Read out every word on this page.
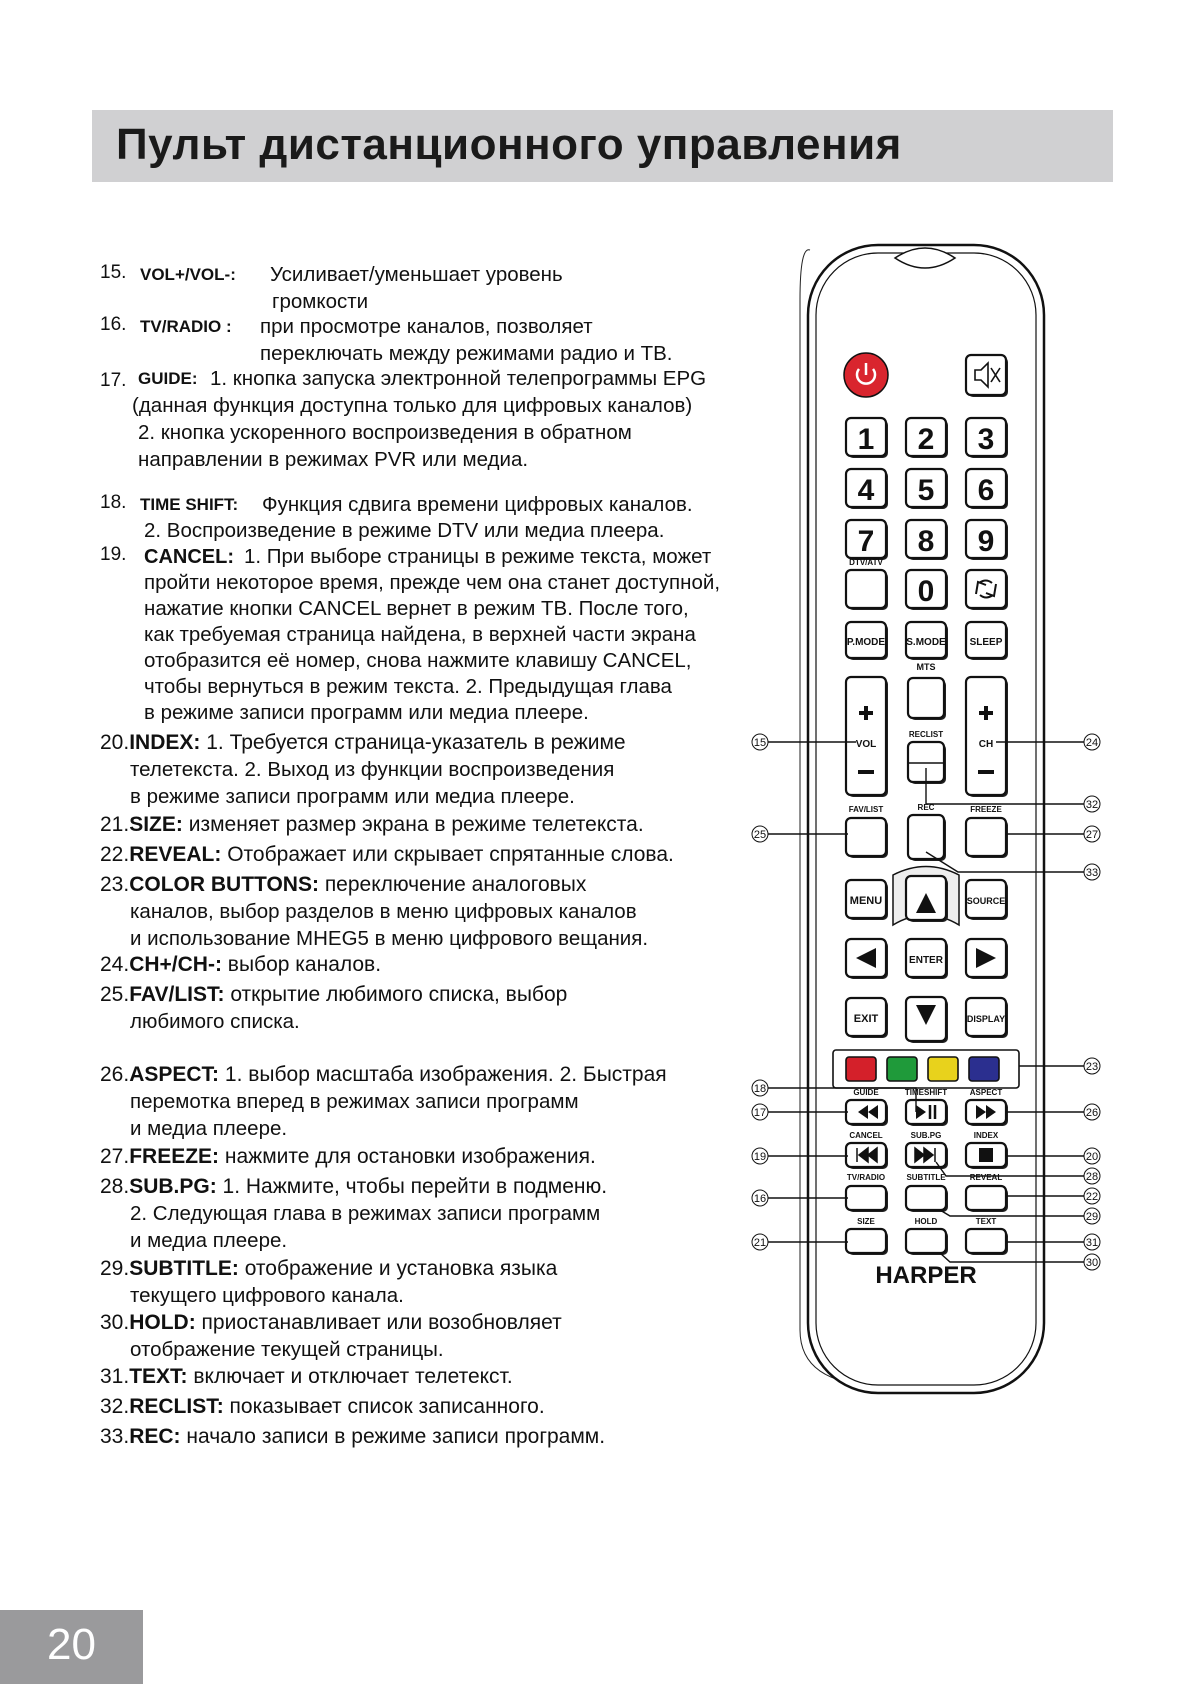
Пульт дистанционного управления
15. VOL+/VOL-: Усиливает/уменьшает уровень
громкости
16. TV/RADIO : при просмотре каналов, позволяет
переключать между режимами радио и ТВ.
17. GUIDE: 1. кнопка запуска электронной телепрограммы EPG
(данная функция доступна только для цифровых каналов)
2. кнопка ускоренного воспроизведения в обратном
направлении в режимах PVR или медиа.
18. TIME SHIFT: Функция сдвига времени цифровых каналов.
2. Воспроизведение в режиме DTV или медиа плеера.
19. CANCEL: 1. При выборе страницы в режиме текста, может
пройти некоторое время, прежде чем она станет доступной,
нажатие кнопки CANCEL вернет в режим ТВ. После того,
как требуемая страница найдена, в верхней части экрана
отобразится её номер, снова нажмите клавишу CANCEL,
чтобы вернуться в режим текста. 2. Предыдущая глава
в режиме записи программ или медиа плеере.
20.INDEX: 1. Требуется страница-указатель в режиме
телетекста. 2. Выход из функции воспроизведения
в режиме записи программ или медиа плеере.
21.SIZE: изменяет размер экрана в режиме телетекста.
22.REVEAL: Отображает или скрывает спрятанные слова.
23.COLOR BUTTONS: переключение аналоговых
каналов, выбор разделов в меню цифровых каналов
и использование MHEG5 в меню цифрового вещания.
24.CH+/CH-: выбор каналов.
25.FAV/LIST: открытие любимого списка, выбор
любимого списка.
26.ASPECT: 1. выбор масштаба изображения. 2. Быстрая
перемотка вперед в режимах записи программ
и медиа плеере.
27.FREEZE: нажмите для остановки изображения.
28.SUB.PG: 1. Нажмите, чтобы перейти в подменю.
2. Следующая глава в режимах записи программ
и медиа плеере.
29.SUBTITLE: отображение и установка языка
текущего цифрового канала.
30.HOLD: приостанавливает или возобновляет
отображение текущей страницы.
31.TEXT: включает и отключает телетекст.
32.RECLIST: показывает список записанного.
33.REC: начало записи в режиме записи программ.
1 2 3
4 5 6
7 8 9
DTV/ATV
0
P.MODE S.MODE SLEEP
MTS
VOL	CH
RECLIST
FAV/LIST	REC	FREEZE
MENU	SOURCE
ENTER
EXIT	DISPLAY
GUIDE	TIMESHIFT	ASPECT
CANCEL	SUB.PG	INDEX
TV/RADIO	SUBTITLE	REVEAL
SIZE	HOLD	TEXT
HARPER
15
25
18
17
19
16
21
24
32
27
33
23
26
20
28
22
29
31
30
20
